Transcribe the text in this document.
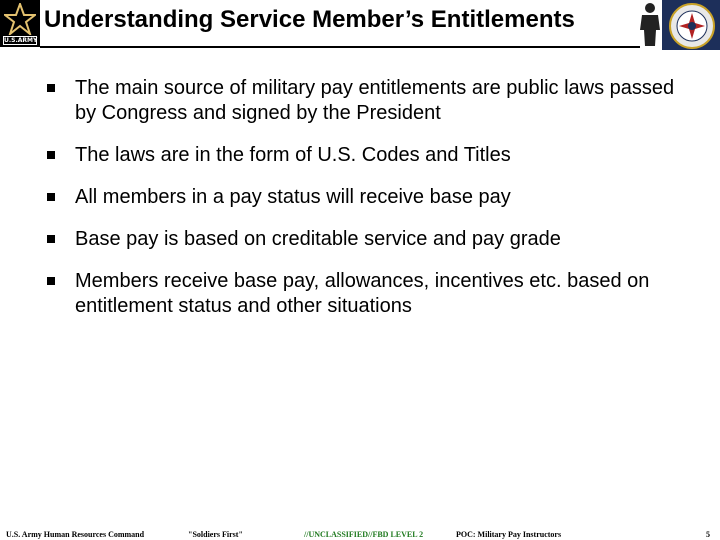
U.S.ARMY
Understanding Service Member’s Entitlements
The main source of military pay entitlements are public laws passed by Congress and signed by the President
The laws are in the form of U.S. Codes and Titles
All members in a pay status will receive base pay
Base pay is based on creditable service and pay grade
Members receive base pay, allowances, incentives etc. based on entitlement status and other situations
U.S. Army Human Resources Command	"Soldiers First"	//UNCLASSIFIED//FBD LEVEL 2	POC: Military Pay Instructors	5
